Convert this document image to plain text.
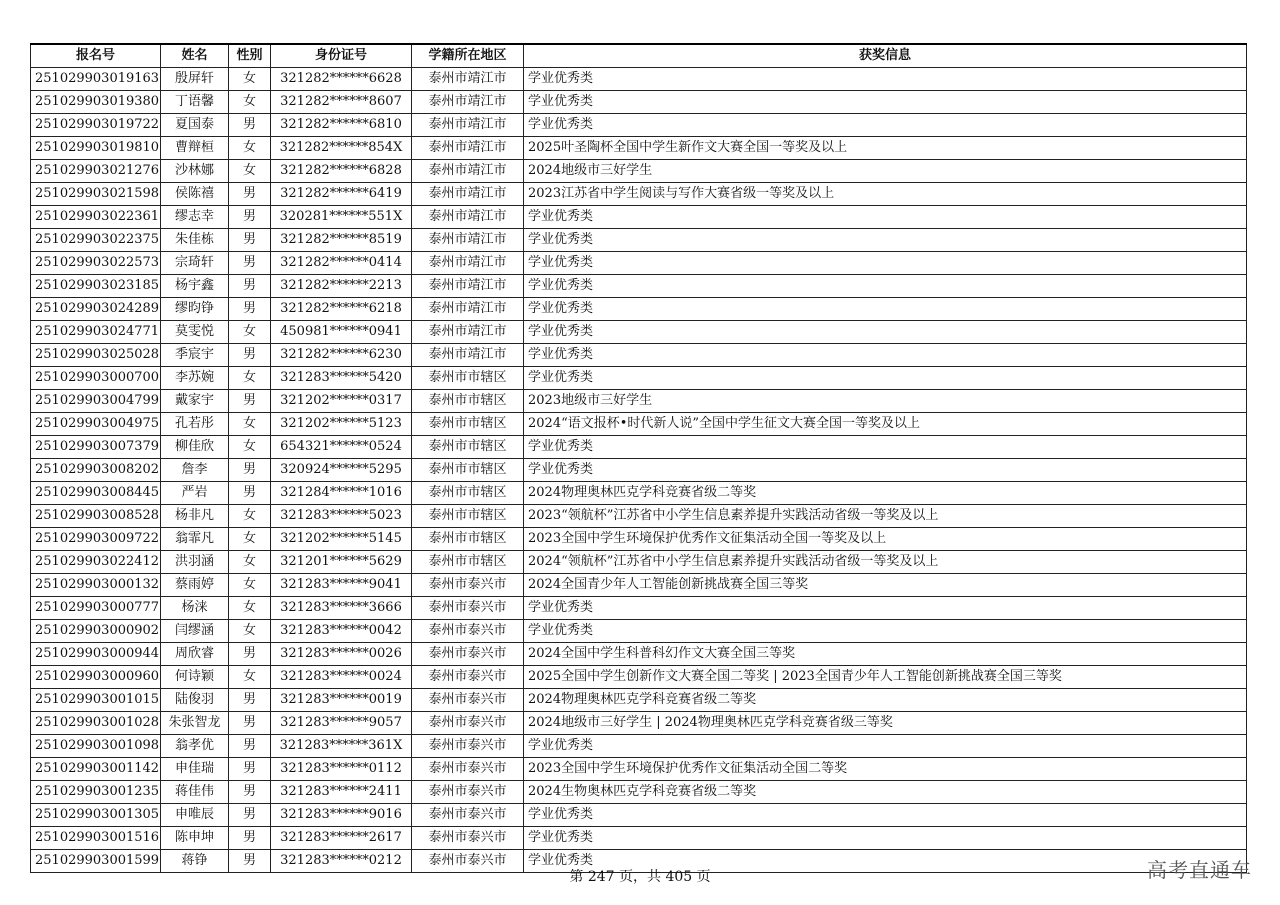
报名号	姓名	性别	身份证号	学籍所在地区	获奖信息
251029903019163	殷屏轩	女	321282******6628	泰州市靖江市	学业优秀类
251029903019380	丁语馨	女	321282******8607	泰州市靖江市	学业优秀类
251029903019722	夏国泰	男	321282******6810	泰州市靖江市	学业优秀类
251029903019810	曹辩桓	女	321282******854X	泰州市靖江市	2025叶圣陶杯全国中学生新作文大赛全国一等奖及以上
251029903021276	沙林娜	女	321282******6828	泰州市靖江市	2024地级市三好学生
251029903021598	侯陈禧	男	321282******6419	泰州市靖江市	2023江苏省中学生阅读与写作大赛省级一等奖及以上
251029903022361	缪志幸	男	320281******551X	泰州市靖江市	学业优秀类
251029903022375	朱佳栋	男	321282******8519	泰州市靖江市	学业优秀类
251029903022573	宗琦轩	男	321282******0414	泰州市靖江市	学业优秀类
251029903023185	杨宇鑫	男	321282******2213	泰州市靖江市	学业优秀类
251029903024289	缪昀铮	男	321282******6218	泰州市靖江市	学业优秀类
251029903024771	莫雯悦	女	450981******0941	泰州市靖江市	学业优秀类
251029903025028	季宸宇	男	321282******6230	泰州市靖江市	学业优秀类
251029903000700	李苏婉	女	321283******5420	泰州市市辖区	学业优秀类
251029903004799	戴家宇	男	321202******0317	泰州市市辖区	2023地级市三好学生
251029903004975	孔若彤	女	321202******5123	泰州市市辖区	2024“语文报杯•时代新人说”全国中学生征文大赛全国一等奖及以上
251029903007379	柳佳欣	女	654321******0524	泰州市市辖区	学业优秀类
251029903008202	詹李	男	320924******5295	泰州市市辖区	学业优秀类
251029903008445	严岩	男	321284******1016	泰州市市辖区	2024物理奥林匹克学科竞赛省级二等奖
251029903008528	杨非凡	女	321283******5023	泰州市市辖区	2023“领航杯”江苏省中小学生信息素养提升实践活动省级一等奖及以上
251029903009722	翁霏凡	女	321202******5145	泰州市市辖区	2023全国中学生环境保护优秀作文征集活动全国一等奖及以上
251029903022412	洪羽涵	女	321201******5629	泰州市市辖区	2024“领航杯”江苏省中小学生信息素养提升实践活动省级一等奖及以上
251029903000132	蔡雨婷	女	321283******9041	泰州市泰兴市	2024全国青少年人工智能创新挑战赛全国三等奖
251029903000777	杨涞	女	321283******3666	泰州市泰兴市	学业优秀类
251029903000902	闫缪涵	女	321283******0042	泰州市泰兴市	学业优秀类
251029903000944	周欣睿	男	321283******0026	泰州市泰兴市	2024全国中学生科普科幻作文大赛全国三等奖
251029903000960	何诗颖	女	321283******0024	泰州市泰兴市	2025全国中学生创新作文大赛全国二等奖 | 2023全国青少年人工智能创新挑战赛全国三等奖
251029903001015	陆俊羽	男	321283******0019	泰州市泰兴市	2024物理奥林匹克学科竞赛省级二等奖
251029903001028	朱张智龙	男	321283******9057	泰州市泰兴市	2024地级市三好学生 | 2024物理奥林匹克学科竞赛省级三等奖
251029903001098	翁孝优	男	321283******361X	泰州市泰兴市	学业优秀类
251029903001142	申佳瑞	男	321283******0112	泰州市泰兴市	2023全国中学生环境保护优秀作文征集活动全国二等奖
251029903001235	蒋佳伟	男	321283******2411	泰州市泰兴市	2024生物奥林匹克学科竞赛省级二等奖
251029903001305	申唯辰	男	321283******9016	泰州市泰兴市	学业优秀类
251029903001516	陈申坤	男	321283******2617	泰州市泰兴市	学业优秀类
251029903001599	蒋铮	男	321283******0212	泰州市泰兴市	学业优秀类
第 247 页，共 405 页	高考直通车
